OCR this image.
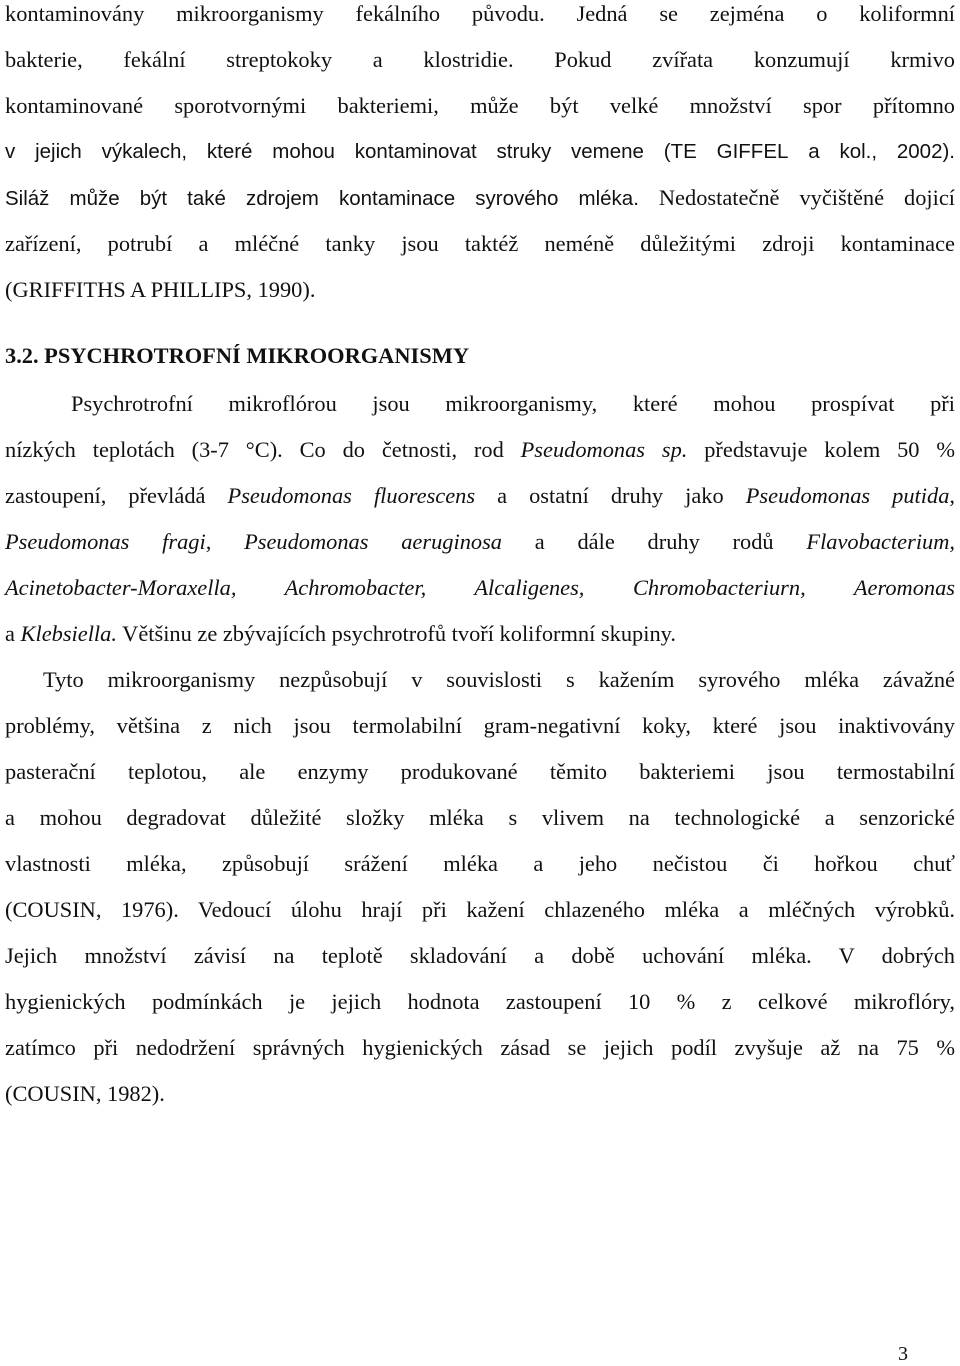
kontaminovány mikroorganismy fekálního původu. Jedná se zejména o koliformní
bakterie, fekální streptokoky a klostridie. Pokud zvířata konzumují krmivo
kontaminované sporotvornými bakteriemi, může být velké množství spor přítomno
v jejich výkalech, které mohou kontaminovat struky vemene (TE GIFFEL a kol., 2002).
Siláž může být také zdrojem kontaminace syrového mléka. Nedostatečně vyčištěné dojicí
zařízení, potrubí a mléčné tanky jsou taktéž neméně důležitými zdroji kontaminace
(GRIFFITHS A PHILLIPS, 1990).
3.2. PSYCHROTROFNÍ MIKROORGANISMY
Psychrotrofní mikroflórou jsou mikroorganismy, které mohou prospívat při
nízkých teplotách (3-7 °C). Co do četnosti, rod Pseudomonas sp. představuje kolem 50 %
zastoupení, převládá Pseudomonas fluorescens a ostatní druhy jako Pseudomonas putida,
Pseudomonas fragi, Pseudomonas aeruginosa a dále druhy rodů Flavobacterium,
Acinetobacter-Moraxella, Achromobacter, Alcaligenes, Chromobacteriurn, Aeromonas
a Klebsiella. Většinu ze zbývajících psychrotrofů tvoří koliformní skupiny.
Tyto mikroorganismy nezpůsobují v souvislosti s kažením syrového mléka závažné
problémy, většina z nich jsou termolabilní gram-negativní koky, které jsou inaktivovány
pasterační teplotou, ale enzymy produkované těmito bakteriemi jsou termostabilní
a mohou degradovat důležité složky mléka s vlivem na technologické a senzorické
vlastnosti mléka, způsobují srážení mléka a jeho nečistou či hořkou chuť
(COUSIN, 1976). Vedoucí úlohu hrají při kažení chlazeného mléka a mléčných výrobků.
Jejich množství závisí na teplotě skladování a době uchování mléka. V dobrých
hygienických podmínkách je jejich hodnota zastoupení 10 % z celkové mikroflóry,
zatímco při nedodržení správných hygienických zásad se jejich podíl zvyšuje až na 75 %
(COUSIN, 1982).
3
